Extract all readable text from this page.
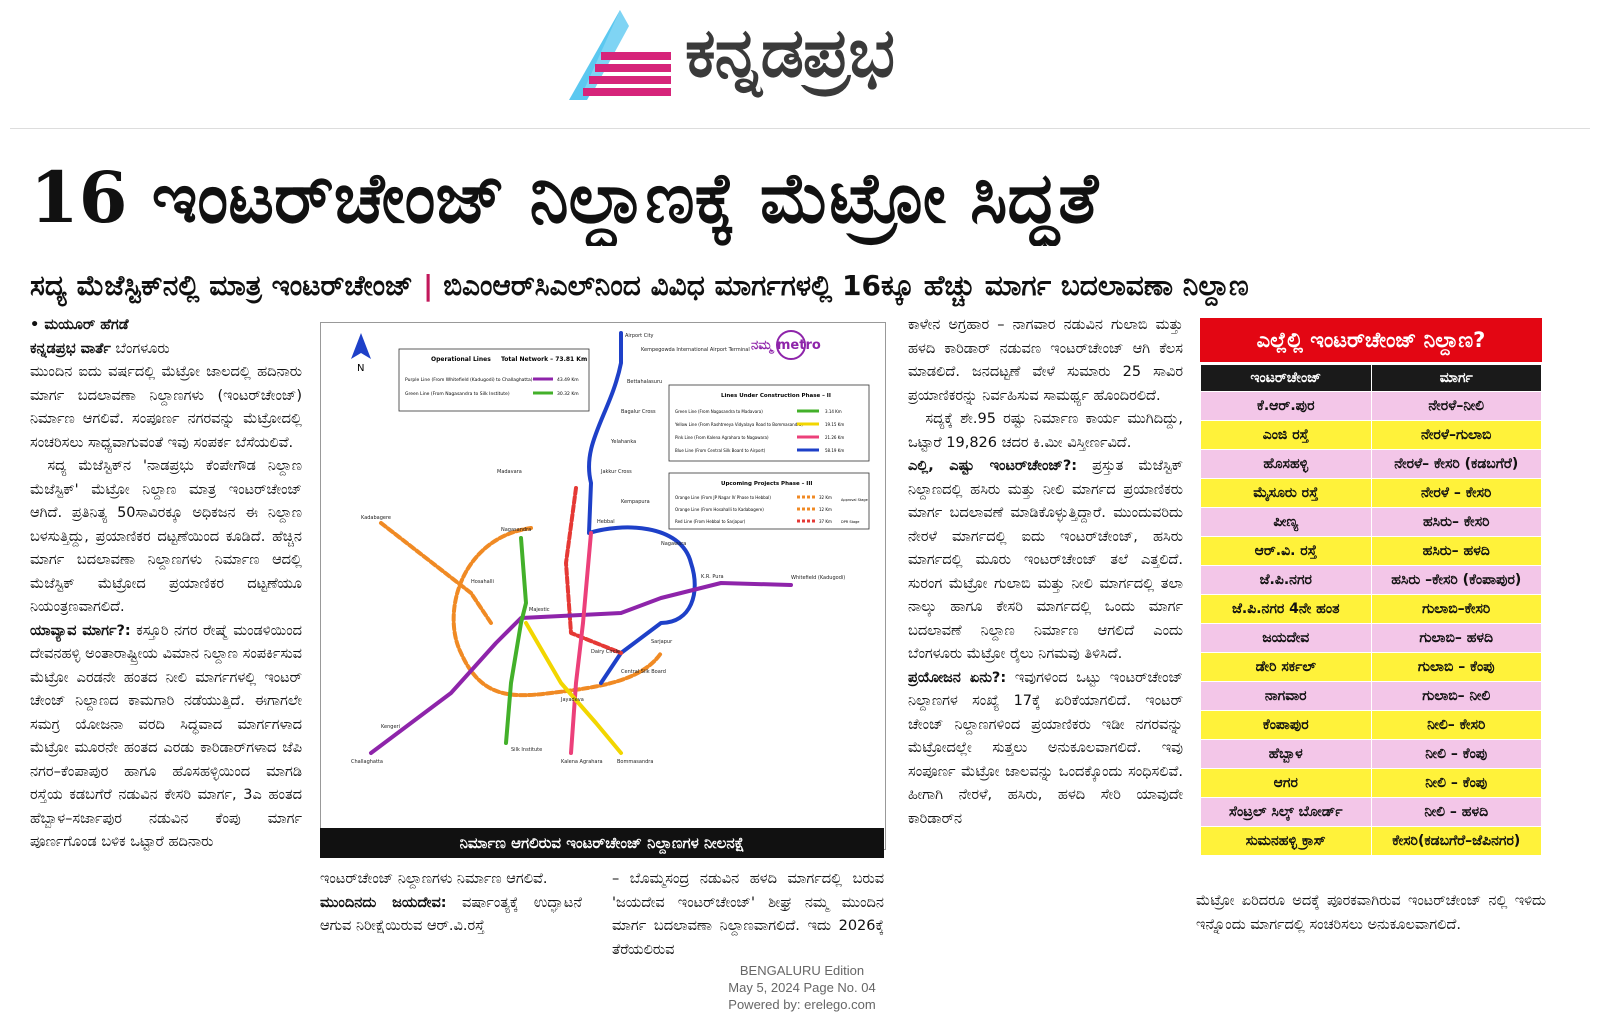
ಕನ್ನಡಪ್ರಭ
16 ಇಂಟರ್‌ಚೇಂಜ್ ನಿಲ್ದಾಣಕ್ಕೆ ಮೆಟ್ರೋ ಸಿದ್ಧತೆ
ಸದ್ಯ ಮೆಜೆಸ್ಟಿಕ್‌ನಲ್ಲಿ ಮಾತ್ರ ಇಂಟರ್‌ಚೇಂಜ್ | ಬಿಎಂಆರ್‌ಸಿಎಲ್‌ನಿಂದ ವಿವಿಧ ಮಾರ್ಗಗಳಲ್ಲಿ 16ಕ್ಕೂ ಹೆಚ್ಚು ಮಾರ್ಗ ಬದಲಾವಣಾ ನಿಲ್ದಾಣ

• ಮಯೂರ್ ಹೆಗಡೆ

ಕನ್ನಡಪ್ರಭ ವಾರ್ತೆ ಬೆಂಗಳೂರು

ಮುಂದಿನ ಐದು ವರ್ಷದಲ್ಲಿ ಮೆಟ್ರೋ ಜಾಲದಲ್ಲಿ ಹದಿನಾರು ಮಾರ್ಗ ಬದಲಾವಣಾ ನಿಲ್ದಾಣಗಳು (ಇಂಟರ್‌ಚೇಂಜ್) ನಿರ್ಮಾಣ ಆಗಲಿವೆ. ಸಂಪೂರ್ಣ ನಗರವನ್ನು ಮೆಟ್ರೋದಲ್ಲಿ ಸಂಚರಿಸಲು ಸಾಧ್ಯವಾಗುವಂತೆ ಇವು ಸಂಪರ್ಕ ಬೆಸೆಯಲಿವೆ.

ಸದ್ಯ ಮೆಜೆಸ್ಟಿಕ್‌ನ 'ನಾಡಪ್ರಭು ಕೆಂಪೇಗೌಡ ನಿಲ್ದಾಣ ಮೆಜೆಸ್ಟಿಕ್' ಮೆಟ್ರೋ ನಿಲ್ದಾಣ ಮಾತ್ರ ಇಂಟರ್‌ಚೇಂಜ್ ಆಗಿದೆ. ಪ್ರತಿನಿತ್ಯ 50ಸಾವಿರಕ್ಕೂ ಅಧಿಕಜನ ಈ ನಿಲ್ದಾಣ ಬಳಸುತ್ತಿದ್ದು, ಪ್ರಯಾಣಿಕರ ದಟ್ಟಣೆಯಿಂದ ಕೂಡಿದೆ. ಹೆಚ್ಚಿನ ಮಾರ್ಗ ಬದಲಾವಣಾ ನಿಲ್ದಾಣಗಳು ನಿರ್ಮಾಣ ಆದಲ್ಲಿ ಮೆಜೆಸ್ಟಿಕ್ ಮೆಟ್ರೋದ ಪ್ರಯಾಣಿಕರ ದಟ್ಟಣೆಯೂ ನಿಯಂತ್ರಣವಾಗಲಿದೆ.

ಯಾವ್ಯಾವ ಮಾರ್ಗ?: ಕಸ್ತೂರಿ ನಗರ ರೇಷ್ಮೆ ಮಂಡಳಿಯಿಂದ ದೇವನಹಳ್ಳಿ ಅಂತಾರಾಷ್ಟ್ರೀಯ ವಿಮಾನ ನಿಲ್ದಾಣ ಸಂಪರ್ಕಿಸುವ ಮೆಟ್ರೋ ಎರಡನೇ ಹಂತದ ನೀಲಿ ಮಾರ್ಗಗಳಲ್ಲಿ ಇಂಟರ್ ಚೇಂಜ್ ನಿಲ್ದಾಣದ ಕಾಮಗಾರಿ ನಡೆಯುತ್ತಿದೆ. ಈಗಾಗಲೇ ಸಮಗ್ರ ಯೋಜನಾ ವರದಿ ಸಿದ್ಧವಾದ ಮಾರ್ಗಗಳಾದ ಮೆಟ್ರೋ ಮೂರನೇ ಹಂತದ ಎರಡು ಕಾರಿಡಾರ್‌ಗಳಾದ ಜೆಪಿ ನಗರ–ಕೆಂಪಾಪುರ ಹಾಗೂ ಹೊಸಹಳ್ಳಿಯಿಂದ ಮಾಗಡಿ ರಸ್ತೆಯ ಕಡಬಗೆರೆ ನಡುವಿನ ಕೇಸರಿ ಮಾರ್ಗ, 3ಎ ಹಂತದ ಹೆಬ್ಬಾಳ–ಸರ್ಜಾಪುರ ನಡುವಿನ ಕೆಂಪು ಮಾರ್ಗ ಪೂರ್ಣಗೊಂಡ ಬಳಿಕ ಒಟ್ಟಾರೆ ಹದಿನಾರು

N
ನಮ್ಮ metro
Operational Lines Total Network – 73.81 Km
Purple Line (From Whitefield (Kadugodi) to Challaghatta)	43.49 Km
Green Line (From Nagasandra to Silk Institute)	30.32 Km	Lines Under Construction Phase – II
Green Line (From Nagasandra to Madavara)	3.14 Km
Yellow Line (From Rashtreeya Vidyalaya Road to Bommasandra)	19.15 Km
Pink Line (From Kalena Agrahara to Nagawara)	21.26 Km
Blue Line (From Central Silk Board to Airport)	58.19 Km
Upcoming Projects Phase – III
Orange Line (From JP Nagar IV Phase to Hebbal)	32 Km
Orange Line (From Hosahalli to Kadabagere)	12 Km
Red Line (From Hebbal to Sarjapur)	37 Km
Approval Stage
DPR Stage
Airport City
Kempegowda International Airport Terminal
Bettahalasuru
Bagalur Cross
Yelahanka
Jakkur Cross
Hebbal
Nagawara
Majestic
Challaghatta
Whitefield (Kadugodi)
Silk Institute
Nagasandra
Kalena Agrahara	Bommasandra
Central Silk Board
Kengeri
Kadabagere
Madavara
Hosahalli
Jayadeva
K.R. Pura
Dairy Circle
Kempapura
Sarjapur
ನಿರ್ಮಾಣ ಆಗಲಿರುವ ಇಂಟರ್‌ಚೇಂಜ್ ನಿಲ್ದಾಣಗಳ ನೀಲನಕ್ಷೆ

ಇಂಟರ್‌ಚೇಂಜ್ ನಿಲ್ದಾಣಗಳು ನಿರ್ಮಾಣ ಆಗಲಿವೆ.

ಮುಂದಿನದು ಜಯದೇವ: ವರ್ಷಾಂತ್ಯಕ್ಕೆ ಉದ್ಘಾಟನೆ ಆಗುವ ನಿರೀಕ್ಷೆಯಿರುವ ಆರ್.ವಿ.ರಸ್ತೆ

– ಬೊಮ್ಮಸಂದ್ರ ನಡುವಿನ ಹಳದಿ ಮಾರ್ಗದಲ್ಲಿ ಬರುವ 'ಜಯದೇವ ಇಂಟರ್‌ಚೇಂಜ್' ಶೀಘ್ರ ನಮ್ಮ ಮುಂದಿನ ಮಾರ್ಗ ಬದಲಾವಣಾ ನಿಲ್ದಾಣವಾಗಲಿದೆ. ಇದು 2026ಕ್ಕೆ ತೆರೆಯಲಿರುವ

ಕಾಳೇನ ಅಗ್ರಹಾರ – ನಾಗವಾರ ನಡುವಿನ ಗುಲಾಬಿ ಮತ್ತು ಹಳದಿ ಕಾರಿಡಾರ್ ನಡುವಣ ಇಂಟರ್‌ಚೇಂಜ್ ಆಗಿ ಕೆಲಸ ಮಾಡಲಿದೆ. ಜನದಟ್ಟಣೆ ವೇಳೆ ಸುಮಾರು 25 ಸಾವಿರ ಪ್ರಯಾಣಿಕರನ್ನು ನಿರ್ವಹಿಸುವ ಸಾಮರ್ಥ್ಯ ಹೊಂದಿರಲಿದೆ.

ಸದ್ಯಕ್ಕೆ ಶೇ.95 ರಷ್ಟು ನಿರ್ಮಾಣ ಕಾರ್ಯ ಮುಗಿದಿದ್ದು, ಒಟ್ಟಾರೆ 19,826 ಚದರ ಕಿ.ಮೀ ವಿಸ್ತೀರ್ಣವಿದೆ.

ಎಲ್ಲಿ, ಎಷ್ಟು ಇಂಟರ್‌ಚೇಂಜ್?: ಪ್ರಸ್ತುತ ಮೆಜೆಸ್ಟಿಕ್ ನಿಲ್ದಾಣದಲ್ಲಿ ಹಸಿರು ಮತ್ತು ನೀಲಿ ಮಾರ್ಗದ ಪ್ರಯಾಣಿಕರು ಮಾರ್ಗ ಬದಲಾವಣೆ ಮಾಡಿಕೊಳ್ಳುತ್ತಿದ್ದಾರೆ. ಮುಂದುವರಿದು ನೇರಳೆ ಮಾರ್ಗದಲ್ಲಿ ಐದು ಇಂಟರ್‌ಚೇಂಜ್, ಹಸಿರು ಮಾರ್ಗದಲ್ಲಿ ಮೂರು ಇಂಟರ್‌ಚೇಂಜ್ ತಲೆ ಎತ್ತಲಿದೆ. ಸುರಂಗ ಮೆಟ್ರೋ ಗುಲಾಬಿ ಮತ್ತು ನೀಲಿ ಮಾರ್ಗದಲ್ಲಿ ತಲಾ ನಾಲ್ಕು ಹಾಗೂ ಕೇಸರಿ ಮಾರ್ಗದಲ್ಲಿ ಒಂದು ಮಾರ್ಗ ಬದಲಾವಣೆ ನಿಲ್ದಾಣ ನಿರ್ಮಾಣ ಆಗಲಿದೆ ಎಂದು ಬೆಂಗಳೂರು ಮೆಟ್ರೋ ರೈಲು ನಿಗಮವು ತಿಳಿಸಿದೆ.

ಪ್ರಯೋಜನ ಏನು?: ಇವುಗಳಿಂದ ಒಟ್ಟು ಇಂಟರ್‌ಚೇಂಜ್ ನಿಲ್ದಾಣಗಳ ಸಂಖ್ಯೆ 17ಕ್ಕೆ ಏರಿಕೆಯಾಗಲಿದೆ. ಇಂಟರ್ ಚೇಂಜ್ ನಿಲ್ದಾಣಗಳಿಂದ ಪ್ರಯಾಣಿಕರು ಇಡೀ ನಗರವನ್ನು ಮೆಟ್ರೋದಲ್ಲೇ ಸುತ್ತಲು ಅನುಕೂಲವಾಗಲಿದೆ. ಇವು ಸಂಪೂರ್ಣ ಮೆಟ್ರೋ ಜಾಲವನ್ನು ಒಂದಕ್ಕೊಂದು ಸಂಧಿಸಲಿವೆ. ಹೀಗಾಗಿ ನೇರಳೆ, ಹಸಿರು, ಹಳದಿ ಸೇರಿ ಯಾವುದೇ ಕಾರಿಡಾರ್‌ನ

ಎಲ್ಲೆಲ್ಲಿ ಇಂಟರ್‌ಚೇಂಜ್ ನಿಲ್ದಾಣ?
ಇಂಟರ್‌ಚೇಂಜ್	ಮಾರ್ಗ
ಕೆ.ಆರ್.ಪುರ	ನೇರಳೆ–ನೀಲಿ
ಎಂಜಿ ರಸ್ತೆ	ನೇರಳೆ–ಗುಲಾಬಿ
ಹೊಸಹಳ್ಳಿ	ನೇರಳೆ– ಕೇಸರಿ (ಕಡಬಗೆರೆ)
ಮೈಸೂರು ರಸ್ತೆ	ನೇರಳೆ – ಕೇಸರಿ
ಪೀಣ್ಯ	ಹಸಿರು– ಕೇಸರಿ
ಆರ್.ವಿ. ರಸ್ತೆ	ಹಸಿರು– ಹಳದಿ
ಜೆ.ಪಿ.ನಗರ	ಹಸಿರು –ಕೇಸರಿ (ಕೆಂಪಾಪುರ)
ಜೆ.ಪಿ.ನಗರ 4ನೇ ಹಂತ	ಗುಲಾಬಿ–ಕೇಸರಿ
ಜಯದೇವ	ಗುಲಾಬಿ– ಹಳದಿ
ಡೇರಿ ಸರ್ಕಲ್	ಗುಲಾಬಿ – ಕೆಂಪು
ನಾಗವಾರ	ಗುಲಾಬಿ– ನೀಲಿ
ಕೆಂಪಾಪುರ	ನೀಲಿ– ಕೇಸರಿ
ಹೆಬ್ಬಾಳ	ನೀಲಿ – ಕೆಂಪು
ಆಗರ	ನೀಲಿ – ಕೆಂಪು
ಸೆಂಟ್ರಲ್ ಸಿಲ್ಕ್ ಬೋರ್ಡ್	ನೀಲಿ – ಹಳದಿ
ಸುಮನಹಳ್ಳಿ ಕ್ರಾಸ್	ಕೇಸರಿ(ಕಡಬಗೆರೆ–ಜೆಪಿನಗರ)

ಮೆಟ್ರೋ ಏರಿದರೂ ಅದಕ್ಕೆ ಪೂರಕವಾಗಿರುವ ಇಂಟರ್‌ಚೇಂಜ್ ನಲ್ಲಿ ಇಳಿದು ಇನ್ನೊಂದು ಮಾರ್ಗದಲ್ಲಿ ಸಂಚರಿಸಲು ಅನುಕೂಲವಾಗಲಿದೆ.

BENGALURU Edition
May 5, 2024 Page No. 04
Powered by: erelego.com
